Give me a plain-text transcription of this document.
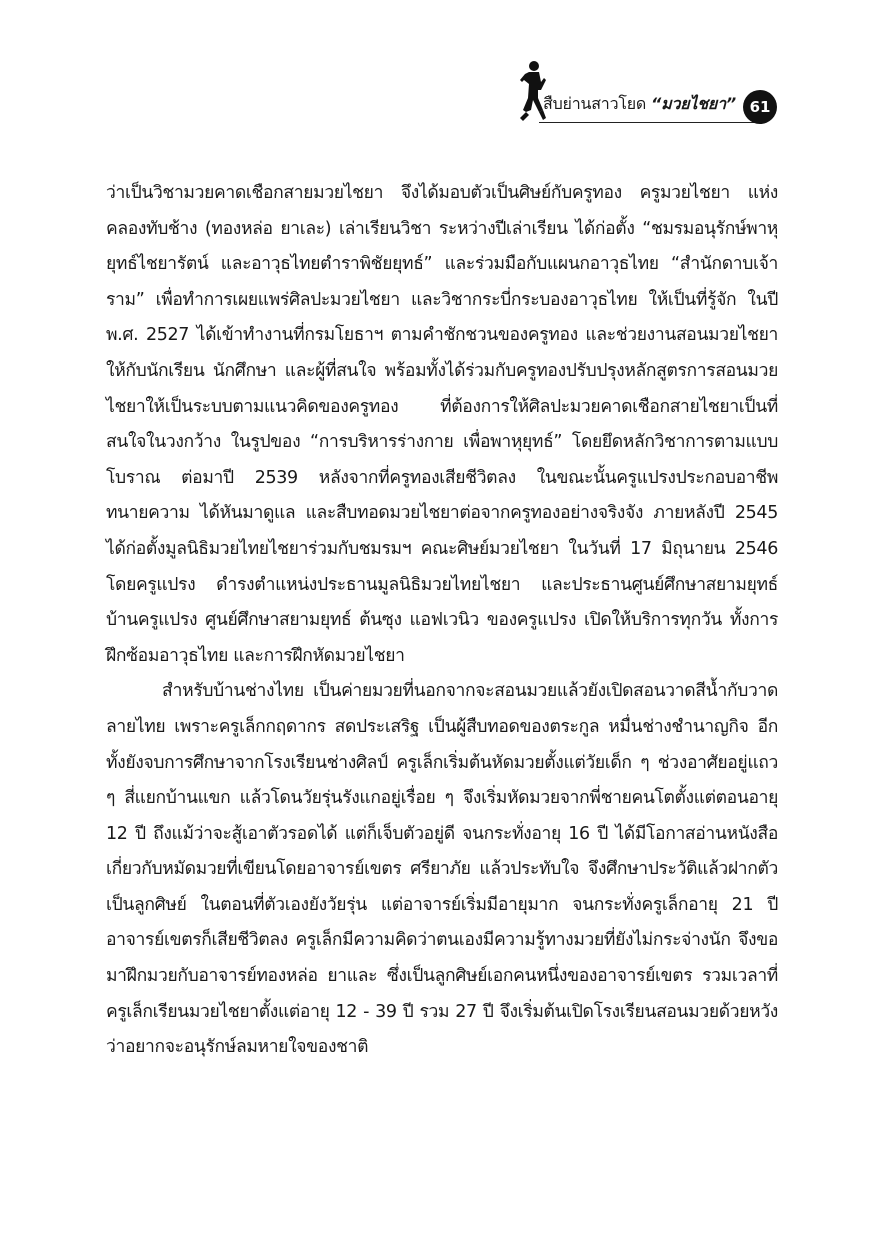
สืบย่านสาวโยด “มวยไชยา” 61

ว่าเป็นวิชามวยคาดเชือกสายมวยไชยา จึงได้มอบตัวเป็นศิษย์กับครูทอง ครูมวยไชยา แห่งคลองทับช้าง (ทองหล่อ ยาเละ) เล่าเรียนวิชา ระหว่างปีเล่าเรียน ได้ก่อตั้ง “ชมรมอนุรักษ์พาหุยุทธ์ไชยารัตน์ และอาวุธไทยตำราพิชัยยุทธ์” และร่วมมือกับแผนกอาวุธไทย “สำนักดาบเจ้าราม” เพื่อทำการเผยแพร่ศิลปะมวยไชยา และวิชากระบี่กระบองอาวุธไทย ให้เป็นที่รู้จัก ในปี พ.ศ. 2527 ได้เข้าทำงานที่กรมโยธาฯ ตามคำชักชวนของครูทอง และช่วยงานสอนมวยไชยาให้กับนักเรียน นักศึกษา และผู้ที่สนใจ พร้อมทั้งได้ร่วมกับครูทองปรับปรุงหลักสูตรการสอนมวยไชยาให้เป็นระบบตามแนวคิดของครูทอง ที่ต้องการให้ศิลปะมวยคาดเชือกสายไชยาเป็นที่สนใจในวงกว้าง ในรูปของ “การบริหารร่างกาย เพื่อพาหุยุทธ์” โดยยึดหลักวิชาการตามแบบโบราณ ต่อมาปี 2539 หลังจากที่ครูทองเสียชีวิตลง ในขณะนั้นครูแปรงประกอบอาชีพทนายความ ได้หันมาดูแล และสืบทอดมวยไชยาต่อจากครูทองอย่างจริงจัง ภายหลังปี 2545 ได้ก่อตั้งมูลนิธิมวยไทยไชยาร่วมกับชมรมฯ คณะศิษย์มวยไชยา ในวันที่ 17 มิถุนายน 2546 โดยครูแปรง ดำรงตำแหน่งประธานมูลนิธิมวยไทยไชยา และประธานศูนย์ศึกษาสยามยุทธ์บ้านครูแปรง ศูนย์ศึกษาสยามยุทธ์ ต้นซุง แอฟเวนิว ของครูแปรง เปิดให้บริการทุกวัน ทั้งการฝึกซ้อมอาวุธไทย และการฝึกหัดมวยไชยา

สำหรับบ้านช่างไทย เป็นค่ายมวยที่นอกจากจะสอนมวยแล้วยังเปิดสอนวาดสีน้ำกับวาดลายไทย เพราะครูเล็กกฤดากร สดประเสริฐ เป็นผู้สืบทอดของตระกูล หมื่นช่างชำนาญกิจ อีกทั้งยังจบการศึกษาจากโรงเรียนช่างศิลป์ ครูเล็กเริ่มต้นหัดมวยตั้งแต่วัยเด็ก ๆ ช่วงอาศัยอยู่แถว ๆ สี่แยกบ้านแขก แล้วโดนวัยรุ่นรังแกอยู่เรื่อย ๆ จึงเริ่มหัดมวยจากพี่ชายคนโตตั้งแต่ตอนอายุ 12 ปี ถึงแม้ว่าจะสู้เอาตัวรอดได้ แต่ก็เจ็บตัวอยู่ดี จนกระทั่งอายุ 16 ปี ได้มีโอกาสอ่านหนังสือเกี่ยวกับหมัดมวยที่เขียนโดยอาจารย์เขตร ศรียาภัย แล้วประทับใจ จึงศึกษาประวัติแล้วฝากตัวเป็นลูกศิษย์ ในตอนที่ตัวเองยังวัยรุ่น แต่อาจารย์เริ่มมีอายุมาก จนกระทั่งครูเล็กอายุ 21 ปี อาจารย์เขตรก็เสียชีวิตลง ครูเล็กมีความคิดว่าตนเองมีความรู้ทางมวยที่ยังไม่กระจ่างนัก จึงขอมาฝึกมวยกับอาจารย์ทองหล่อ ยาและ ซึ่งเป็นลูกศิษย์เอกคนหนึ่งของอาจารย์เขตร รวมเวลาที่ครูเล็กเรียนมวยไชยาตั้งแต่อายุ 12 - 39 ปี รวม 27 ปี จึงเริ่มต้นเปิดโรงเรียนสอนมวยด้วยหวังว่าอยากจะอนุรักษ์ลมหายใจของชาติ
